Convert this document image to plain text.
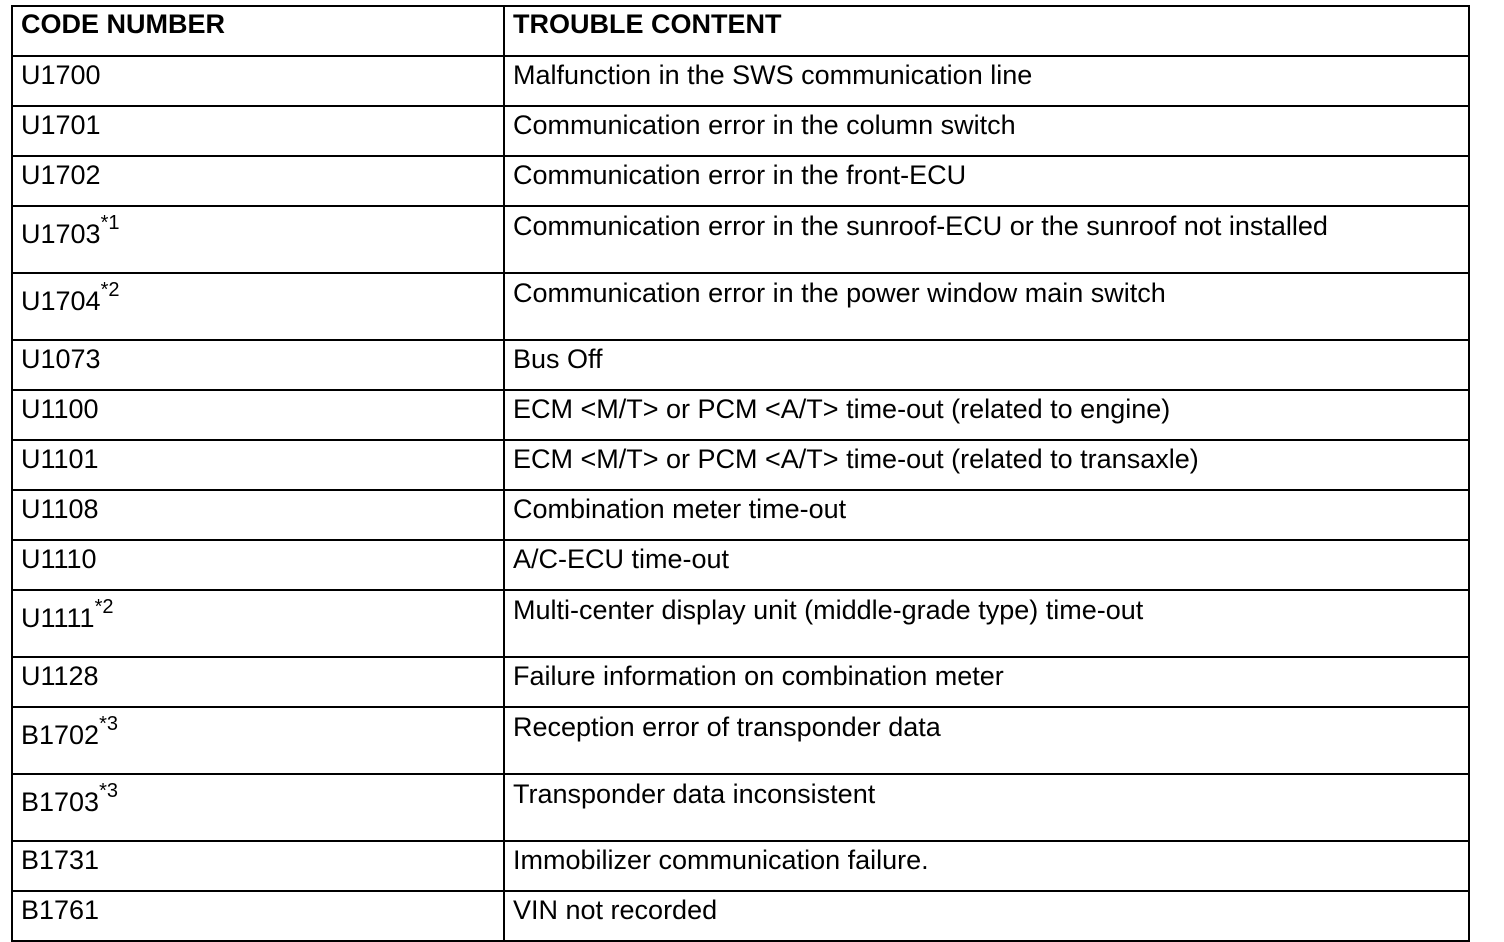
CODE NUMBER	TROUBLE CONTENT
U1700	Malfunction in the SWS communication line
U1701	Communication error in the column switch
U1702	Communication error in the front-ECU
U1703$^{*1}$	Communication error in the sunroof-ECU or the sunroof not installed
U1704$^{*2}$	Communication error in the power window main switch
U1073	Bus Off
U1100	ECM <M/T> or PCM <A/T> time-out (related to engine)
U1101	ECM <M/T> or PCM <A/T> time-out (related to transaxle)
U1108	Combination meter time-out
U1110	A/C-ECU time-out
U1111$^{*2}$	Multi-center display unit (middle-grade type) time-out
U1128	Failure information on combination meter
B1702$^{*3}$	Reception error of transponder data
B1703$^{*3}$	Transponder data inconsistent
B1731	Immobilizer communication failure.
B1761	VIN not recorded
